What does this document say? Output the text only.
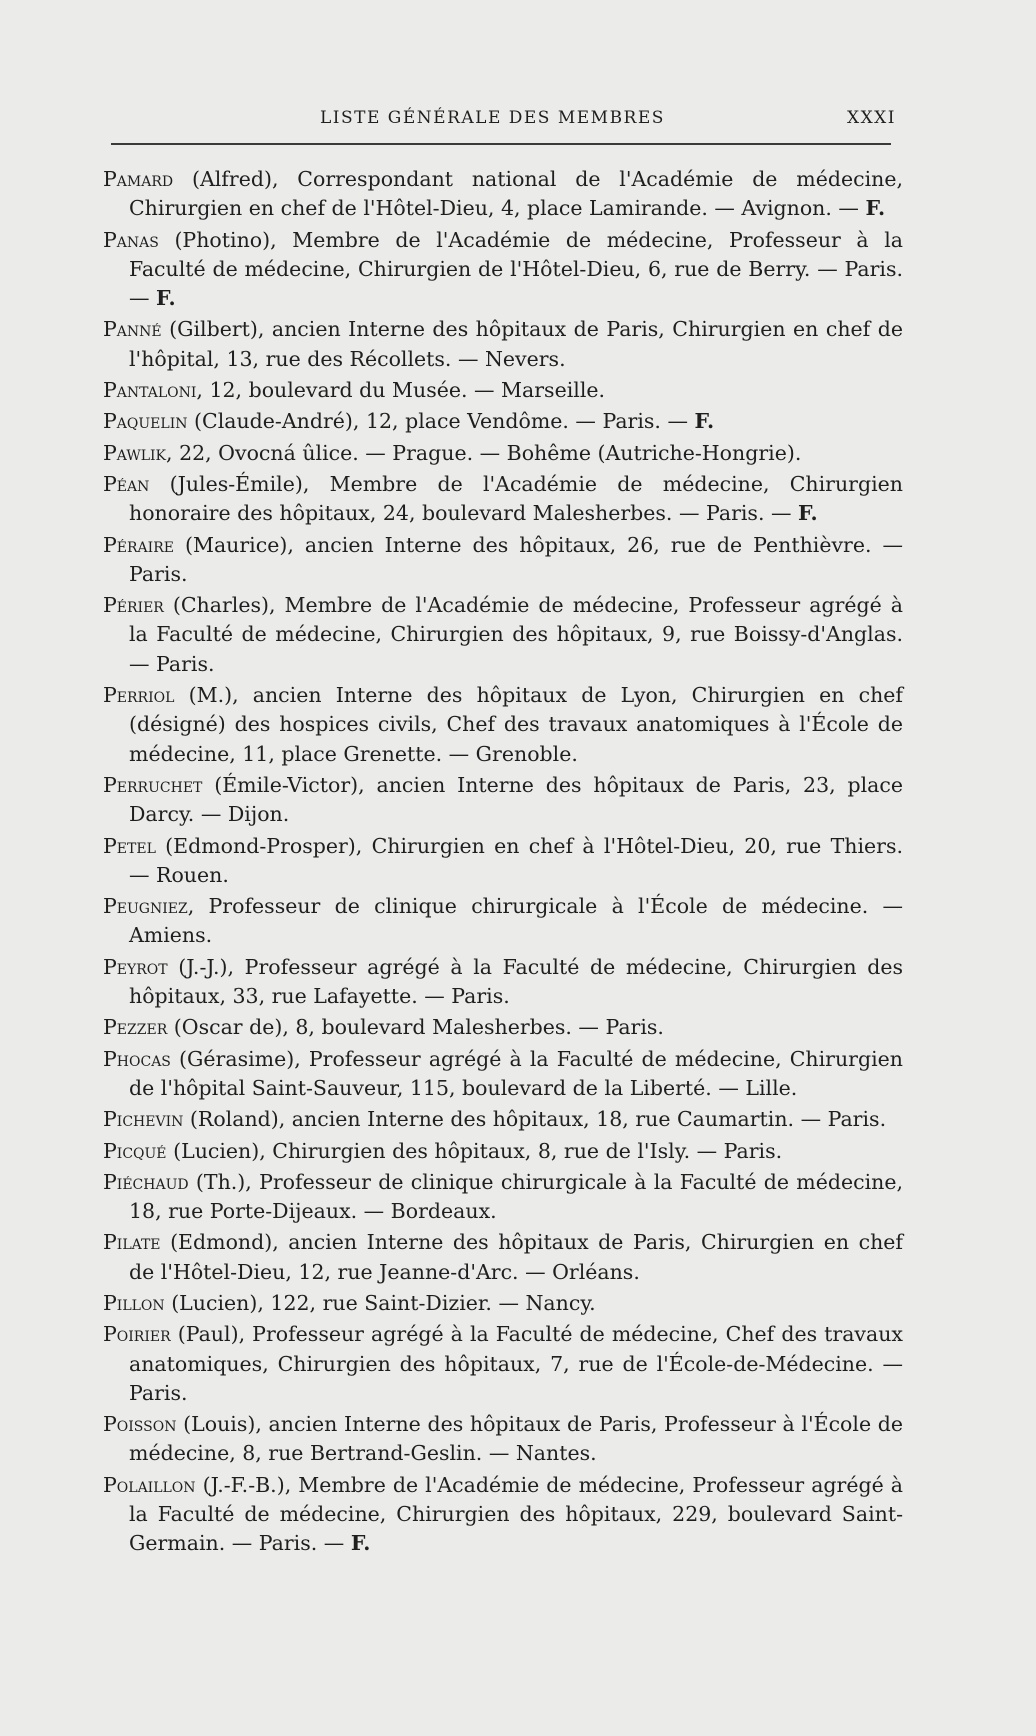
LISTE GÉNÉRALE DES MEMBRES	XXXI

Pamard (Alfred), Correspondant national de l'Académie de médecine, Chirurgien en chef de l'Hôtel-Dieu, 4, place Lamirande. — Avignon. — F.

Panas (Photino), Membre de l'Académie de médecine, Professeur à la Faculté de médecine, Chirurgien de l'Hôtel-Dieu, 6, rue de Berry. — Paris. — F.

Panné (Gilbert), ancien Interne des hôpitaux de Paris, Chirurgien en chef de l'hôpital, 13, rue des Récollets. — Nevers.

Pantaloni, 12, boulevard du Musée. — Marseille.

Paquelin (Claude-André), 12, place Vendôme. — Paris. — F.

Pawlik, 22, Ovocná ûlice. — Prague. — Bohême (Autriche-Hongrie).

Péan (Jules-Émile), Membre de l'Académie de médecine, Chirurgien honoraire des hôpitaux, 24, boulevard Malesherbes. — Paris. — F.

Péraire (Maurice), ancien Interne des hôpitaux, 26, rue de Penthièvre. — Paris.

Périer (Charles), Membre de l'Académie de médecine, Professeur agrégé à la Faculté de médecine, Chirurgien des hôpitaux, 9, rue Boissy-d'Anglas. — Paris.

Perriol (M.), ancien Interne des hôpitaux de Lyon, Chirurgien en chef (désigné) des hospices civils, Chef des travaux anatomiques à l'École de médecine, 11, place Grenette. — Grenoble.

Perruchet (Émile-Victor), ancien Interne des hôpitaux de Paris, 23, place Darcy. — Dijon.

Petel (Edmond-Prosper), Chirurgien en chef à l'Hôtel-Dieu, 20, rue Thiers. — Rouen.

Peugniez, Professeur de clinique chirurgicale à l'École de médecine. — Amiens.

Peyrot (J.-J.), Professeur agrégé à la Faculté de médecine, Chirurgien des hôpitaux, 33, rue Lafayette. — Paris.

Pezzer (Oscar de), 8, boulevard Malesherbes. — Paris.

Phocas (Gérasime), Professeur agrégé à la Faculté de médecine, Chirurgien de l'hôpital Saint-Sauveur, 115, boulevard de la Liberté. — Lille.

Pichevin (Roland), ancien Interne des hôpitaux, 18, rue Caumartin. — Paris.

Picqué (Lucien), Chirurgien des hôpitaux, 8, rue de l'Isly. — Paris.

Piéchaud (Th.), Professeur de clinique chirurgicale à la Faculté de médecine, 18, rue Porte-Dijeaux. — Bordeaux.

Pilate (Edmond), ancien Interne des hôpitaux de Paris, Chirurgien en chef de l'Hôtel-Dieu, 12, rue Jeanne-d'Arc. — Orléans.

Pillon (Lucien), 122, rue Saint-Dizier. — Nancy.

Poirier (Paul), Professeur agrégé à la Faculté de médecine, Chef des travaux anatomiques, Chirurgien des hôpitaux, 7, rue de l'École-de-Médecine. — Paris.

Poisson (Louis), ancien Interne des hôpitaux de Paris, Professeur à l'École de médecine, 8, rue Bertrand-Geslin. — Nantes.

Polaillon (J.-F.-B.), Membre de l'Académie de médecine, Professeur agrégé à la Faculté de médecine, Chirurgien des hôpitaux, 229, boulevard Saint-Germain. — Paris. — F.
